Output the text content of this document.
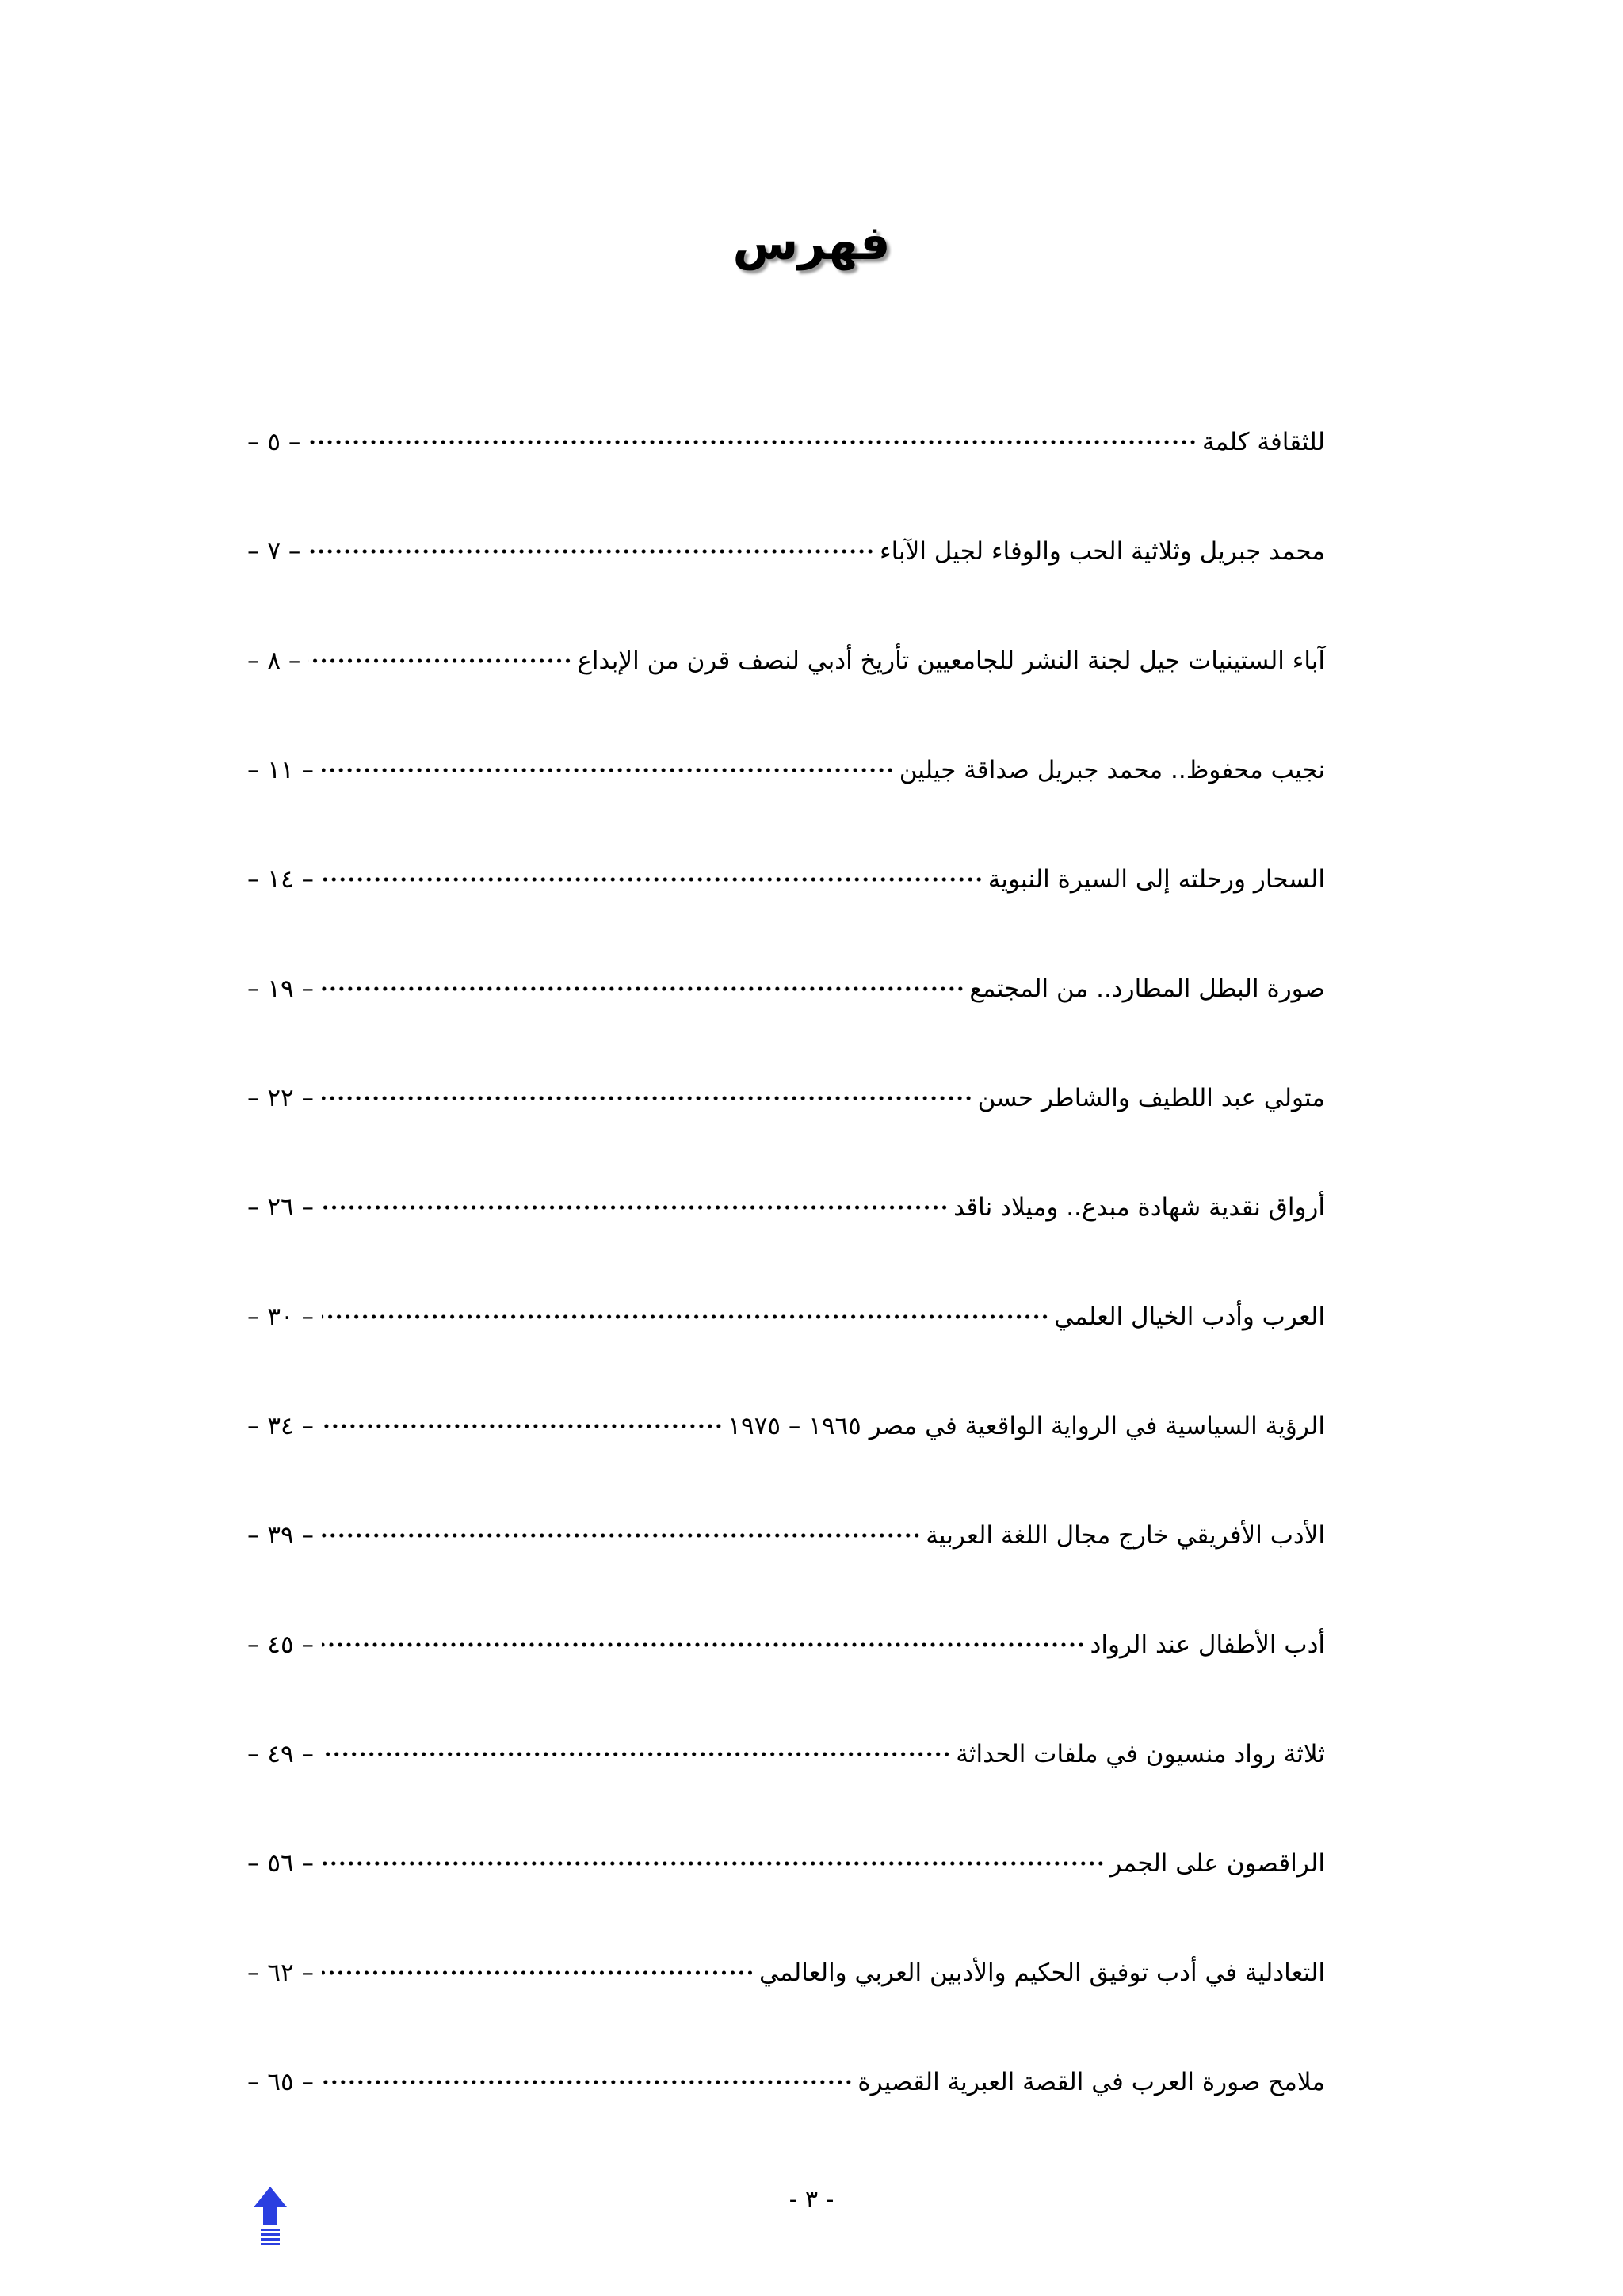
فهرس
للثقافة كلمة
– ٥ –
محمد جبريل وثلاثية الحب والوفاء لجيل الآباء
– ٧ –
آباء الستينيات جيل لجنة النشر للجامعيين تأريخ أدبي لنصف قرن من الإبداع
– ٨ –
نجيب محفوظ.. محمد جبريل صداقة جيلين
– ١١ –
السحار ورحلته إلى السيرة النبوية
– ١٤ –
صورة البطل المطارد.. من المجتمع
– ١٩ –
متولي عبد اللطيف والشاطر حسن
– ٢٢ –
أرواق نقدية شهادة مبدع.. وميلاد ناقد
– ٢٦ –
العرب وأدب الخيال العلمي
– ٣٠ –
الرؤية السياسية في الرواية الواقعية في مصر ١٩٦٥ – ١٩٧٥
– ٣٤ –
الأدب الأفريقي خارج مجال اللغة العربية
– ٣٩ –
أدب الأطفال عند الرواد
– ٤٥ –
ثلاثة رواد منسيون في ملفات الحداثة
– ٤٩ –
الراقصون على الجمر
– ٥٦ –
التعادلية في أدب توفيق الحكيم والأدبين العربي والعالمي
– ٦٢ –
ملامح صورة العرب في القصة العبرية القصيرة
– ٦٥ –
- ٣ -
